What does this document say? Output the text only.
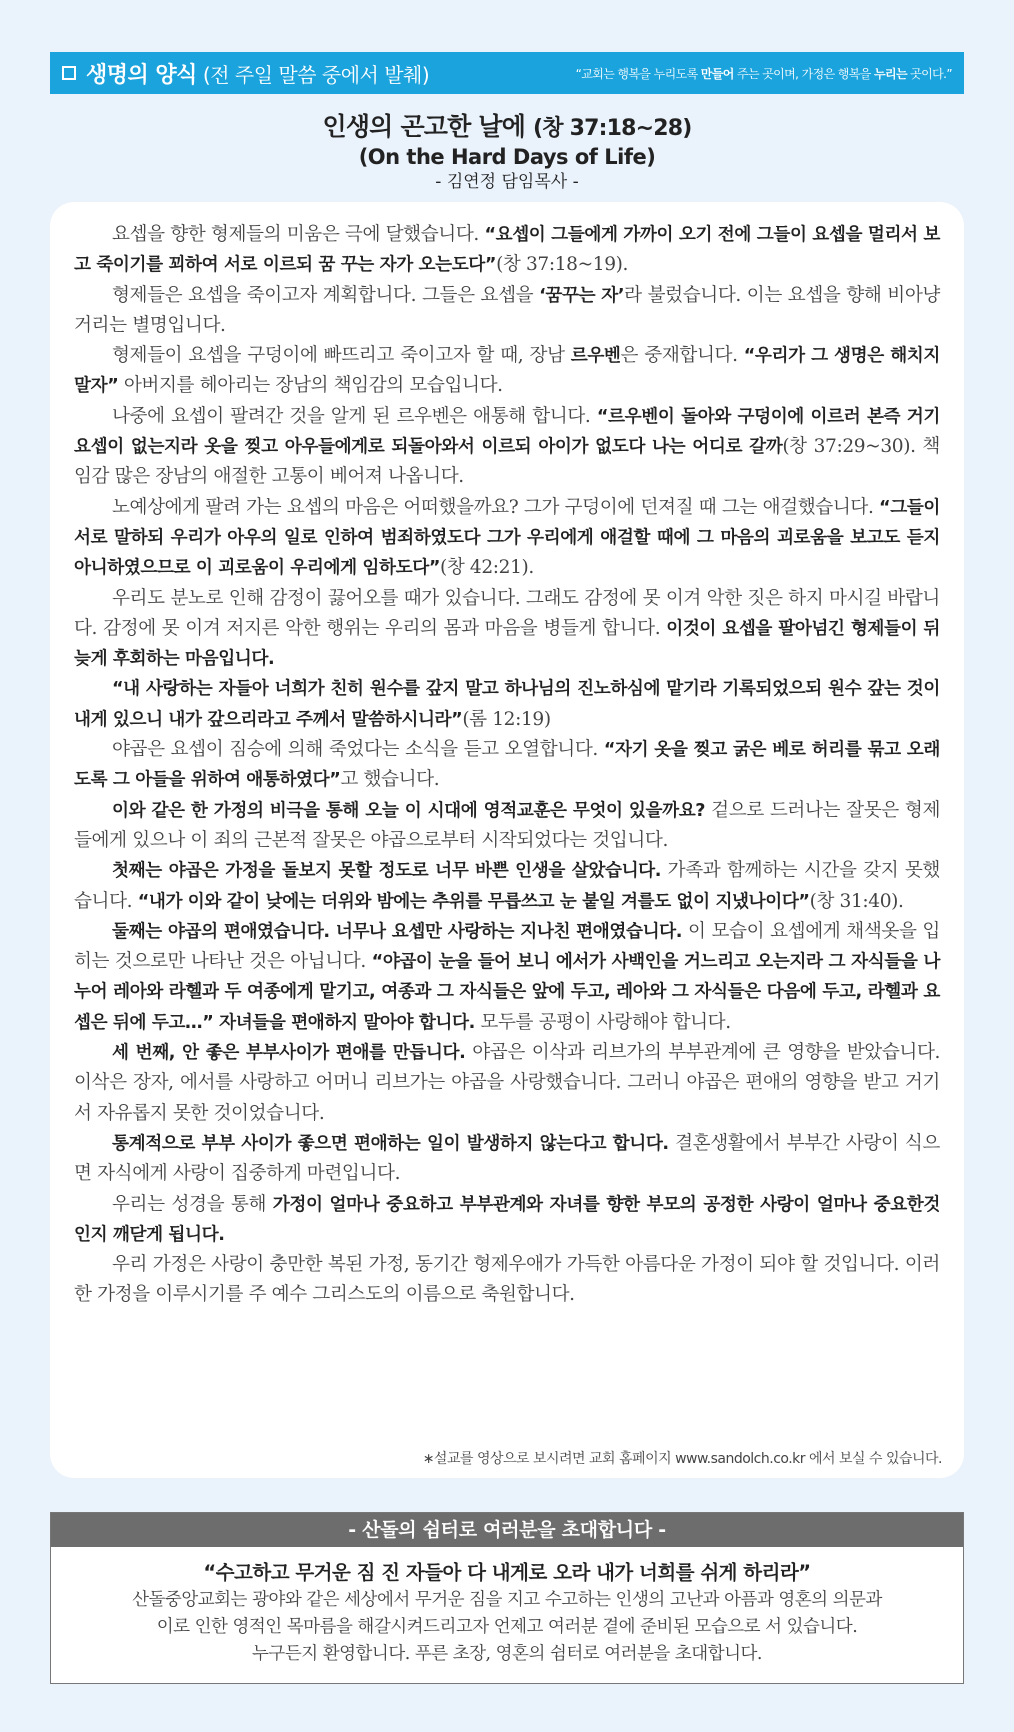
생명의 양식 (전 주일 말씀 중에서 발췌)	“교회는 행복을 누리도록 만들어 주는 곳이며, 가정은 행복을 누리는 곳이다.”
인생의 곤고한 날에 (창 37:18~28)
(On the Hard Days of Life)
- 김연정 담임목사 -

요셉을 향한 형제들의 미움은 극에 달했습니다. “요셉이 그들에게 가까이 오기 전에 그들이 요셉을 멀리서 보고 죽이기를 꾀하여 서로 이르되 꿈 꾸는 자가 오는도다”(창 37:18~19).

형제들은 요셉을 죽이고자 계획합니다. 그들은 요셉을 ‘꿈꾸는 자’라 불렀습니다. 이는 요셉을 향해 비아냥거리는 별명입니다.

형제들이 요셉을 구덩이에 빠뜨리고 죽이고자 할 때, 장남 르우벤은 중재합니다. “우리가 그 생명은 해치지 말자” 아버지를 헤아리는 장남의 책임감의 모습입니다.

나중에 요셉이 팔려간 것을 알게 된 르우벤은 애통해 합니다. “르우벤이 돌아와 구덩이에 이르러 본즉 거기 요셉이 없는지라 옷을 찢고 아우들에게로 되돌아와서 이르되 아이가 없도다 나는 어디로 갈까(창 37:29~30). 책임감 많은 장남의 애절한 고통이 베어져 나옵니다.

노예상에게 팔려 가는 요셉의 마음은 어떠했을까요? 그가 구덩이에 던져질 때 그는 애걸했습니다. “그들이 서로 말하되 우리가 아우의 일로 인하여 범죄하였도다 그가 우리에게 애걸할 때에 그 마음의 괴로움을 보고도 듣지 아니하였으므로 이 괴로움이 우리에게 임하도다”(창 42:21).

우리도 분노로 인해 감정이 끓어오를 때가 있습니다. 그래도 감정에 못 이겨 악한 짓은 하지 마시길 바랍니다. 감정에 못 이겨 저지른 악한 행위는 우리의 몸과 마음을 병들게 합니다. 이것이 요셉을 팔아넘긴 형제들이 뒤늦게 후회하는 마음입니다.

“내 사랑하는 자들아 너희가 친히 원수를 갚지 말고 하나님의 진노하심에 맡기라 기록되었으되 원수 갚는 것이 내게 있으니 내가 갚으리라고 주께서 말씀하시니라”(롬 12:19)

야곱은 요셉이 짐승에 의해 죽었다는 소식을 듣고 오열합니다. “자기 옷을 찢고 굵은 베로 허리를 묶고 오래도록 그 아들을 위하여 애통하였다”고 했습니다.

이와 같은 한 가정의 비극을 통해 오늘 이 시대에 영적교훈은 무엇이 있을까요? 겉으로 드러나는 잘못은 형제들에게 있으나 이 죄의 근본적 잘못은 야곱으로부터 시작되었다는 것입니다.

첫째는 야곱은 가정을 돌보지 못할 정도로 너무 바쁜 인생을 살았습니다. 가족과 함께하는 시간을 갖지 못했습니다. “내가 이와 같이 낮에는 더위와 밤에는 추위를 무릅쓰고 눈 붙일 겨를도 없이 지냈나이다”(창 31:40).

둘째는 야곱의 편애였습니다. 너무나 요셉만 사랑하는 지나친 편애였습니다. 이 모습이 요셉에게 채색옷을 입히는 것으로만 나타난 것은 아닙니다. “야곱이 눈을 들어 보니 에서가 사백인을 거느리고 오는지라 그 자식들을 나누어 레아와 라헬과 두 여종에게 맡기고, 여종과 그 자식들은 앞에 두고, 레아와 그 자식들은 다음에 두고, 라헬과 요셉은 뒤에 두고…” 자녀들을 편애하지 말아야 합니다. 모두를 공평이 사랑해야 합니다.

세 번째, 안 좋은 부부사이가 편애를 만듭니다. 야곱은 이삭과 리브가의 부부관계에 큰 영향을 받았습니다. 이삭은 장자, 에서를 사랑하고 어머니 리브가는 야곱을 사랑했습니다. 그러니 야곱은 편애의 영향을 받고 거기서 자유롭지 못한 것이었습니다.

통계적으로 부부 사이가 좋으면 편애하는 일이 발생하지 않는다고 합니다. 결혼생활에서 부부간 사랑이 식으면 자식에게 사랑이 집중하게 마련입니다.

우리는 성경을 통해 가정이 얼마나 중요하고 부부관계와 자녀를 향한 부모의 공정한 사랑이 얼마나 중요한것인지 깨닫게 됩니다.

우리 가정은 사랑이 충만한 복된 가정, 동기간 형제우애가 가득한 아름다운 가정이 되야 할 것입니다. 이러한 가정을 이루시기를 주 예수 그리스도의 이름으로 축원합니다.

∗설교를 영상으로 보시려면 교회 홈페이지 www.sandolch.co.kr 에서 보실 수 있습니다.
- 산돌의 쉼터로 여러분을 초대합니다 -
“수고하고 무거운 짐 진 자들아 다 내게로 오라 내가 너희를 쉬게 하리라”
산돌중앙교회는 광야와 같은 세상에서 무거운 짐을 지고 수고하는 인생의 고난과 아픔과 영혼의 의문과
이로 인한 영적인 목마름을 해갈시켜드리고자 언제고 여러분 곁에 준비된 모습으로 서 있습니다.
누구든지 환영합니다. 푸른 초장, 영혼의 쉼터로 여러분을 초대합니다.
